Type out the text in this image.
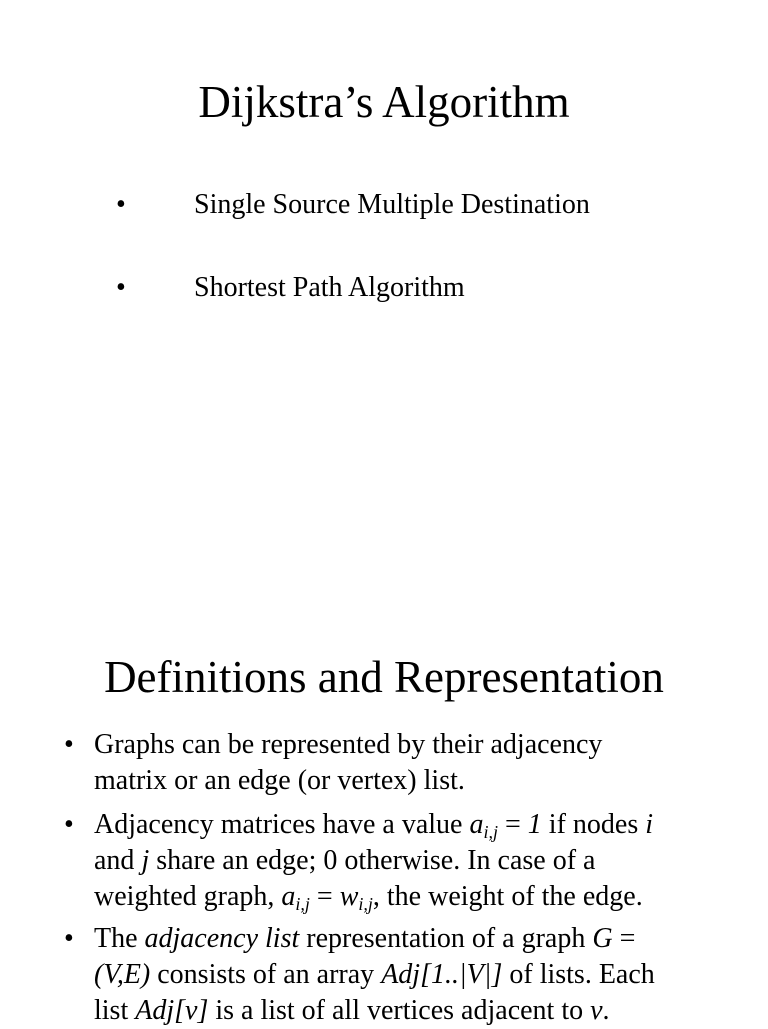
Dijkstra’s Algorithm
• Single Source Multiple Destination
• Shortest Path Algorithm
Definitions and Representation
• Graphs can be represented by their adjacency
matrix or an edge (or vertex) list.
• Adjacency matrices have a value $a_{i,j} = 1$ if nodes i
and j share an edge; 0 otherwise. In case of a
weighted graph, $a_{i,j} = w_{i,j}$, the weight of the edge.
• The adjacency list representation of a graph G =
(V,E) consists of an array Adj[1..|V|] of lists. Each
list Adj[v] is a list of all vertices adjacent to v.
